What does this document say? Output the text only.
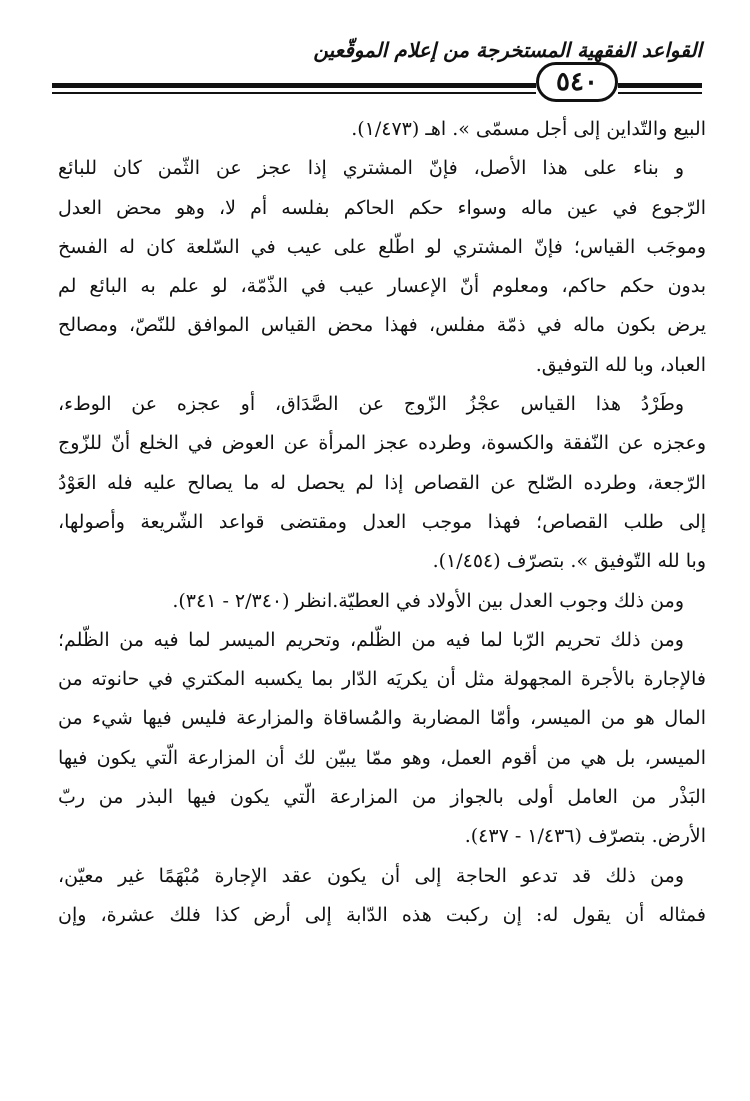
القواعد الفقهية المستخرجة من إعلام الموقّعين
٥٤٠
البيع والتّداين إلى أجل مسمّى ». اهـ (١/٤٧٣).
و بناء على هذا الأصل، فإنّ المشتري إذا عجز عن الثّمن كان للبائع
الرّجوع في عين ماله وسواء حكم الحاكم بفلسه أم لا، وهو محض العدل
وموجَب القياس؛ فإنّ المشتري لو اطّلع على عيب في السّلعة كان له الفسخ
بدون حكم حاكم، ومعلوم أنّ الإعسار عيب في الذّمّة، لو علم به البائع لم
يرض بكون ماله في ذمّة مفلس، فهذا محض القياس الموافق للنّصّ، ومصالح
العباد، وبا لله التوفيق.
وطَرْدُ هذا القياس عجْزُ الزّوج عن الصَّدَاق، أو عجزه عن الوطء،
وعجزه عن النّفقة والكسوة، وطرده عجز المرأة عن العوض في الخلع أنّ للزّوج
الرّجعة، وطرده الصّلح عن القصاص إذا لم يحصل له ما يصالح عليه فله العَوْدُ
إلى طلب القصاص؛ فهذا موجب العدل ومقتضى قواعد الشّريعة وأصولها،
وبا لله التّوفيق ». بتصرّف (١/٤٥٤).
ومن ذلك وجوب العدل بين الأولاد في العطيّة.انظر (٢/٣٤٠ - ٣٤١).
ومن ذلك تحريم الرّبا لما فيه من الظّلم، وتحريم الميسر لما فيه من الظّلم؛
فالإجارة بالأجرة المجهولة مثل أن يكريَه الدّار بما يكسبه المكتري في حانوته من
المال هو من الميسر، وأمّا المضاربة والمُساقاة والمزارعة فليس فيها شيء من
الميسر، بل هي من أقوم العمل، وهو ممّا يبيّن لك أن المزارعة الّتي يكون فيها
البَذْر من العامل أولى بالجواز من المزارعة الّتي يكون فيها البذر من ربّ
الأرض. بتصرّف (١/٤٣٦ - ٤٣٧).
ومن ذلك قد تدعو الحاجة إلى أن يكون عقد الإجارة مُبْهَمًا غير معيّن،
فمثاله أن يقول له: إن ركبت هذه الدّابة إلى أرض كذا فلك عشرة، وإن
